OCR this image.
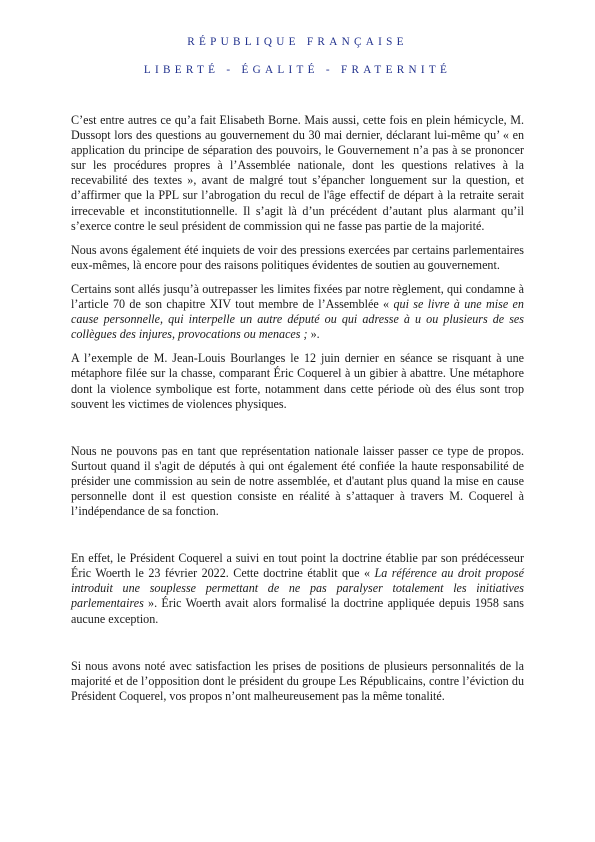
RÉPUBLIQUE FRANÇAISE
LIBERTÉ - ÉGALITÉ - FRATERNITÉ

C’est entre autres ce qu’a fait Elisabeth Borne. Mais aussi, cette fois en plein hémicycle, M. Dussopt lors des questions au gouvernement du 30 mai dernier, déclarant lui-même qu’ « en application du principe de séparation des pouvoirs, le Gouvernement n’a pas à se prononcer sur les procédures propres à l’Assemblée nationale, dont les questions relatives à la recevabilité des textes », avant de malgré tout s’épancher longuement sur la question, et d’affirmer que la PPL sur l’abrogation du recul de l'âge effectif de départ à la retraite serait irrecevable et inconstitutionnelle. Il s’agit là d’un précédent d’autant plus alarmant qu’il s’exerce contre le seul président de commission qui ne fasse pas partie de la majorité.

Nous avons également été inquiets de voir des pressions exercées par certains parlementaires eux-mêmes, là encore pour des raisons politiques évidentes de soutien au gouvernement.

Certains sont allés jusqu’à outrepasser les limites fixées par notre règlement, qui condamne à l’article 70 de son chapitre XIV tout membre de l’Assemblée « qui se livre à une mise en cause personnelle, qui interpelle un autre député ou qui adresse à u ou plusieurs de ses collègues des injures, provocations ou menaces ; ».

A l’exemple de M. Jean-Louis Bourlanges le 12 juin dernier en séance se risquant à une métaphore filée sur la chasse, comparant Éric Coquerel à un gibier à abattre. Une métaphore dont la violence symbolique est forte, notamment dans cette période où des élus sont trop souvent les victimes de violences physiques.

Nous ne pouvons pas en tant que représentation nationale laisser passer ce type de propos. Surtout quand il s'agit de députés à qui ont également été confiée la haute responsabilité de présider une commission au sein de notre assemblée, et d'autant plus quand la mise en cause personnelle dont il est question consiste en réalité à s’attaquer à travers M. Coquerel à l’indépendance de sa fonction.

En effet, le Président Coquerel a suivi en tout point la doctrine établie par son prédécesseur Éric Woerth le 23 février 2022. Cette doctrine établit que « La référence au droit proposé introduit une souplesse permettant de ne pas paralyser totalement les initiatives parlementaires ». Éric Woerth avait alors formalisé la doctrine appliquée depuis 1958 sans aucune exception.

Si nous avons noté avec satisfaction les prises de positions de plusieurs personnalités de la majorité et de l’opposition dont le président du groupe Les Républicains, contre l’éviction du Président Coquerel, vos propos n’ont malheureusement pas la même tonalité.
